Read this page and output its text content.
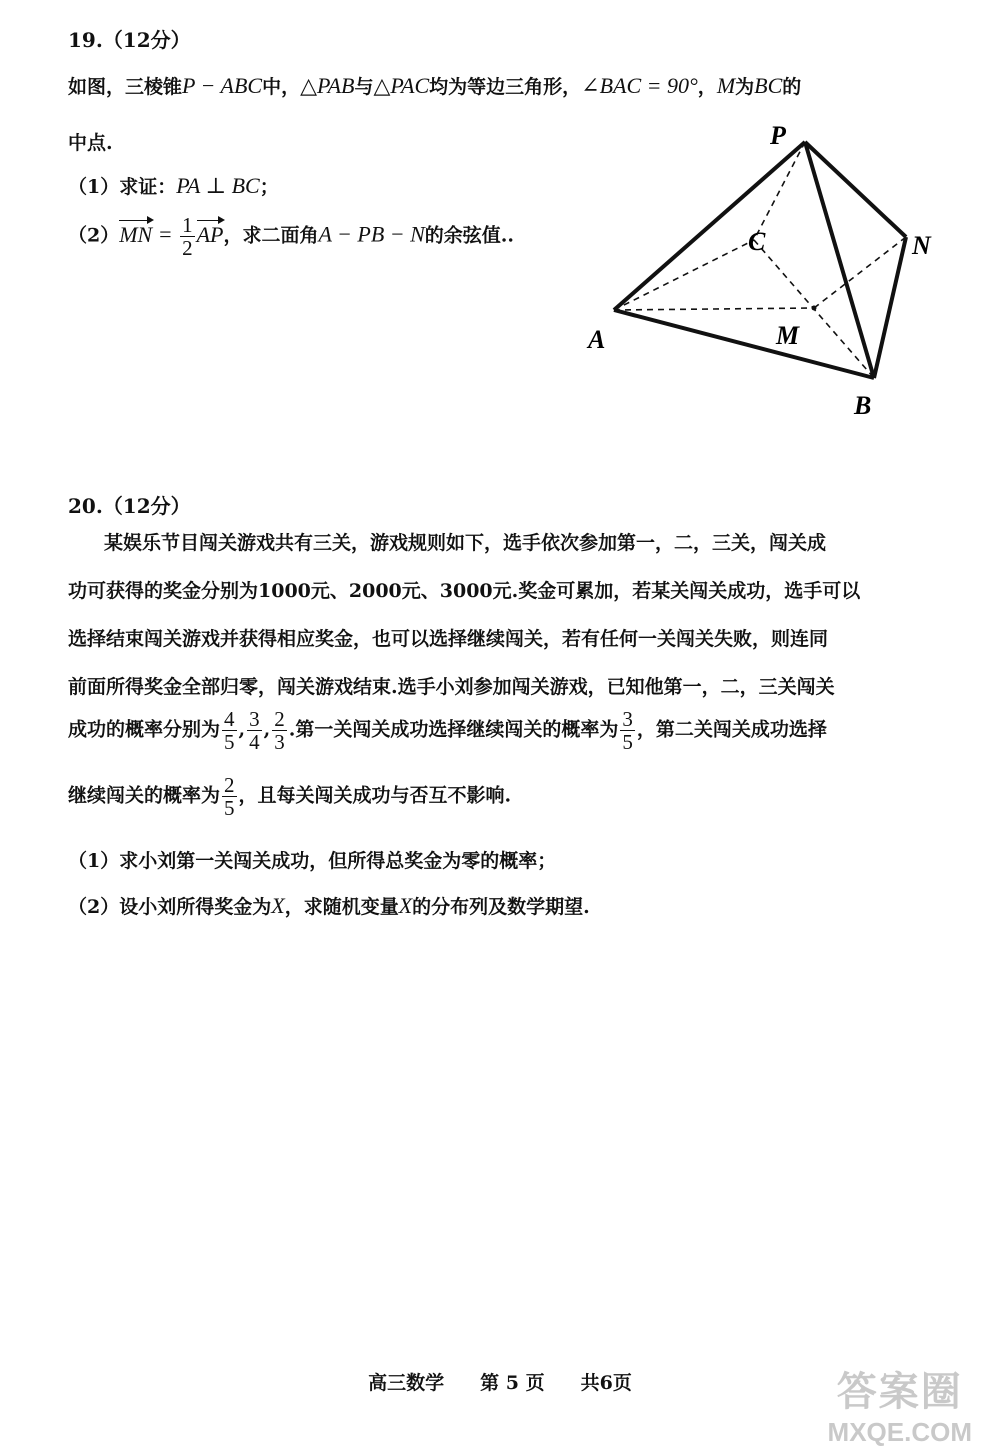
19.（12分）
如图，三棱锥P − ABC中，△PAB与△PAC均为等边三角形，∠BAC = 90°，M为BC的
中点.
（1）求证：PA ⊥ BC；
$(2)MN = \frac{1}{2}$ AP，求二面角A − PB − N的余弦值..
P
A
B
C
M
N
20.（12分）
某娱乐节目闯关游戏共有三关，游戏规则如下，选手依次参加第一，二，三关，闯关成
功可获得的奖金分别为1000元、2000元、3000元.奖金可累加，若某关闯关成功，选手可以
选择结束闯关游戏并获得相应奖金，也可以选择继续闯关，若有任何一关闯关失败，则连同
前面所得奖金全部归零，闯关游戏结束.选手小刘参加闯关游戏，已知他第一，二，三关闯关
成功的概率分别为 $\frac{4}{5}$ , $\frac{3}{4}$ , $\frac{2}{3}$ .第一关闯关成功选择继续闯关的概率为 $\frac{3}{5}$ ，第二关闯关成功选择
继续闯关的概率为 $\frac{2}{5}$ ，且每关闯关成功与否互不影响.
（1）求小刘第一关闯关成功，但所得总奖金为零的概率；
（2）设小刘所得奖金为X，求随机变量X的分布列及数学期望.
高三数学 第 5 页 共6页	答案圈
MXQE.COM
